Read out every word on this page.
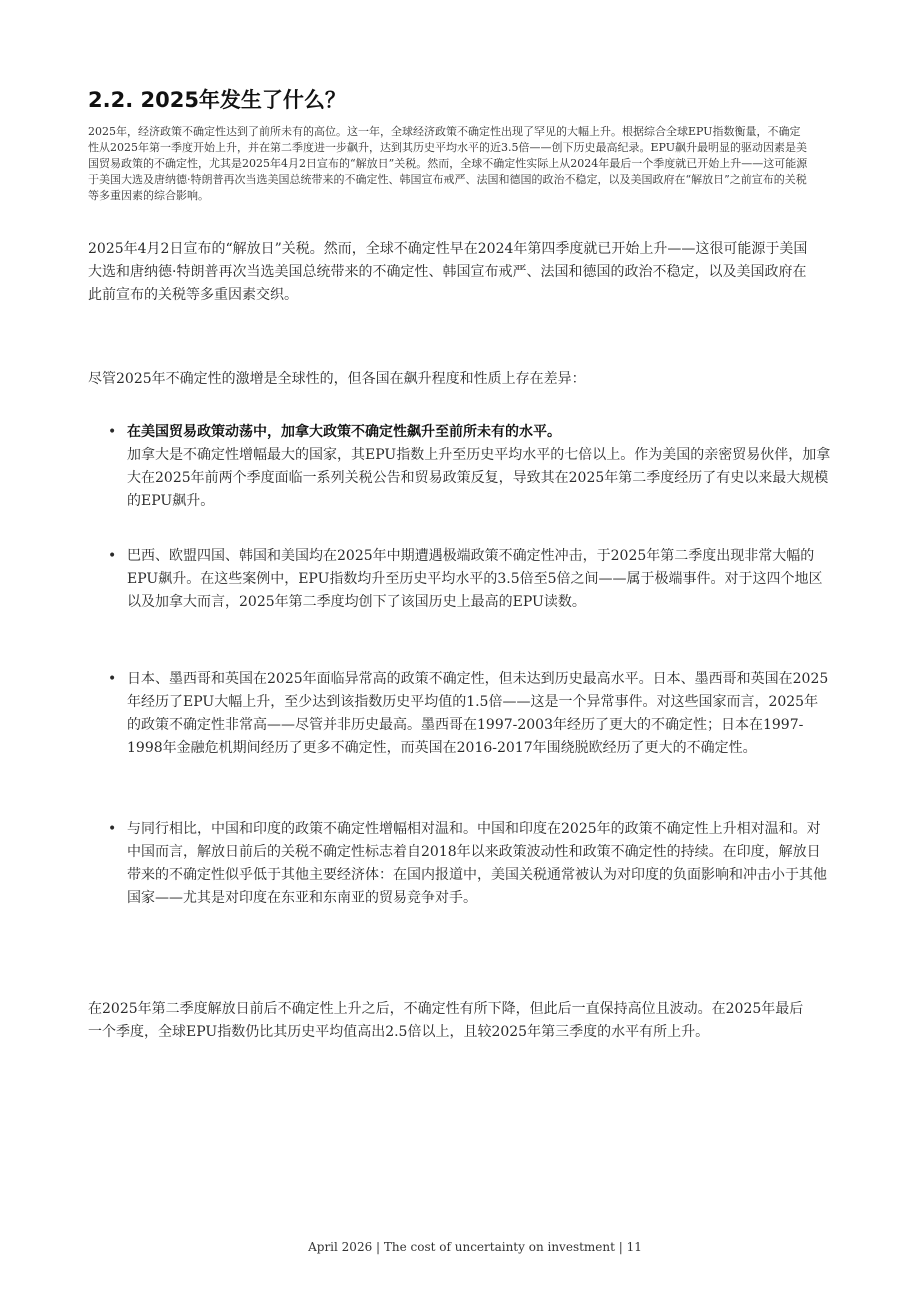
2.2. 2025年发生了什么？

2025年，经济政策不确定性达到了前所未有的高位。这一年，全球经济政策不确定性出现了罕见的大幅上升。根据综合全球EPU指数衡量，不确定性从2025年第一季度开始上升，并在第二季度进一步飙升，达到其历史平均水平的近3.5倍——创下历史最高纪录。EPU飙升最明显的驱动因素是美国贸易政策的不确定性，尤其是2025年4月2日宣布的“解放日”关税。然而，全球不确定性实际上从2024年最后一个季度就已开始上升——这可能源于美国大选及唐纳德·特朗普再次当选美国总统带来的不确定性、韩国宣布戒严、法国和德国的政治不稳定，以及美国政府在“解放日”之前宣布的关税等多重因素的综合影响。

2025年4月2日宣布的“解放日”关税。然而，全球不确定性早在2024年第四季度就已开始上升——这很可能源于美国大选和唐纳德·特朗普再次当选美国总统带来的不确定性、韩国宣布戒严、法国和德国的政治不稳定，以及美国政府在此前宣布的关税等多重因素交织。

尽管2025年不确定性的激增是全球性的，但各国在飙升程度和性质上存在差异：

• 在美国贸易政策动荡中，加拿大政策不确定性飙升至前所未有的水平。
加拿大是不确定性增幅最大的国家，其EPU指数上升至历史平均水平的七倍以上。作为美国的亲密贸易伙伴，加拿大在2025年前两个季度面临一系列关税公告和贸易政策反复，导致其在2025年第二季度经历了有史以来最大规模的EPU飙升。
• 巴西、欧盟四国、韩国和美国均在2025年中期遭遇极端政策不确定性冲击，于2025年第二季度出现非常大幅的EPU飙升。在这些案例中，EPU指数均升至历史平均水平的3.5倍至5倍之间——属于极端事件。对于这四个地区以及加拿大而言，2025年第二季度均创下了该国历史上最高的EPU读数。
• 日本、墨西哥和英国在2025年面临异常高的政策不确定性，但未达到历史最高水平。日本、墨西哥和英国在2025年经历了EPU大幅上升，至少达到该指数历史平均值的1.5倍——这是一个异常事件。对这些国家而言，2025年的政策不确定性非常高——尽管并非历史最高。墨西哥在1997-2003年经历了更大的不确定性；日本在1997-1998年金融危机期间经历了更多不确定性，而英国在2016-2017年围绕脱欧经历了更大的不确定性。
• 与同行相比，中国和印度的政策不确定性增幅相对温和。中国和印度在2025年的政策不确定性上升相对温和。对中国而言，解放日前后的关税不确定性标志着自2018年以来政策波动性和政策不确定性的持续。在印度，解放日带来的不确定性似乎低于其他主要经济体：在国内报道中，美国关税通常被认为对印度的负面影响和冲击小于其他国家——尤其是对印度在东亚和东南亚的贸易竞争对手。

在2025年第二季度解放日前后不确定性上升之后，不确定性有所下降，但此后一直保持高位且波动。在2025年最后一个季度，全球EPU指数仍比其历史平均值高出2.5倍以上，且较2025年第三季度的水平有所上升。

April 2026 | The cost of uncertainty on investment | 11
